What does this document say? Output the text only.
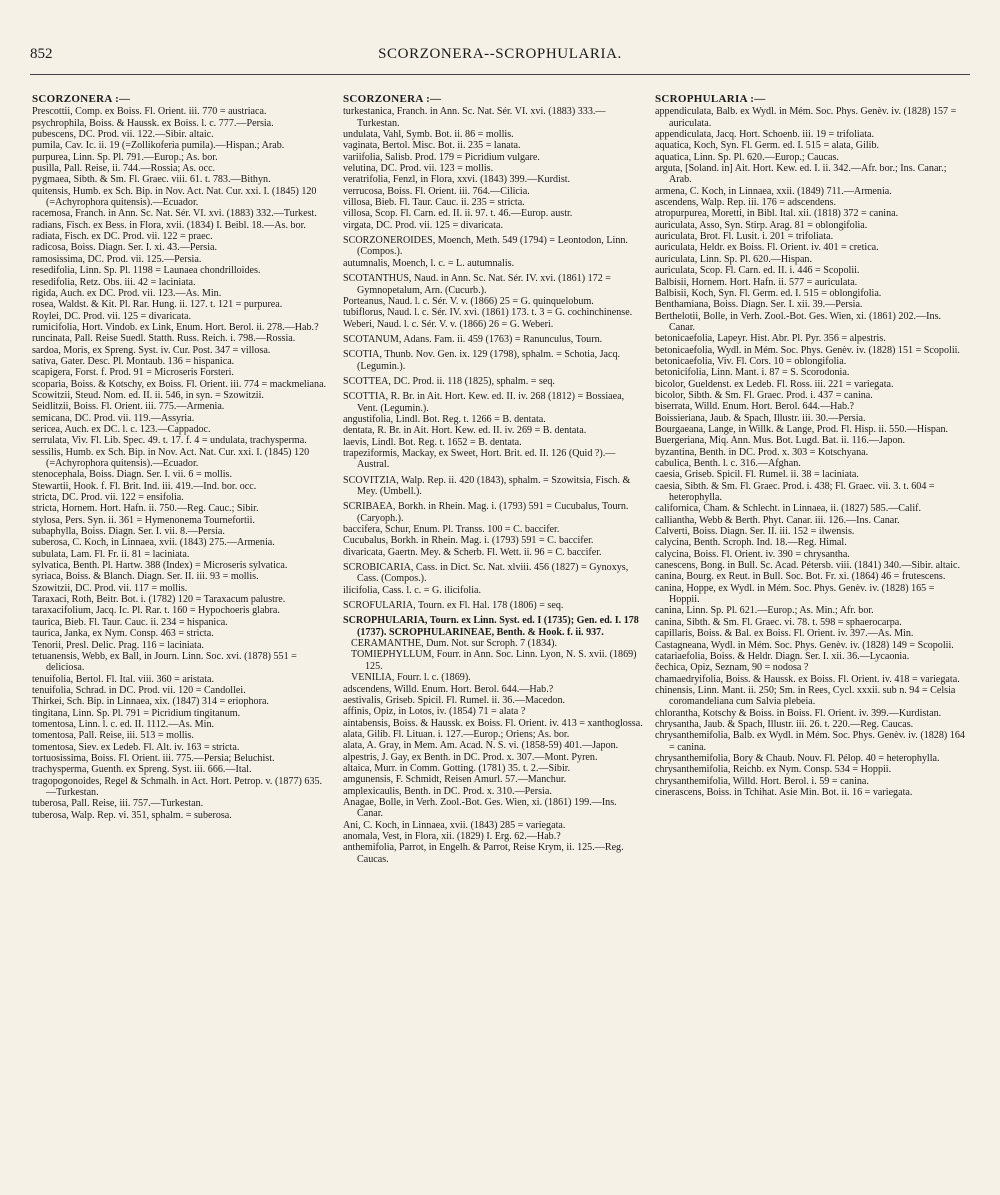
852	SCORZONERA--SCROPHULARIA.
SCORZONERA :—

Prescottii, Comp. ex Boiss. Fl. Orient. iii. 770 = austriaca.

psychrophila, Boiss. & Haussk. ex Boiss. l. c. 777.—Persia.

pubescens, DC. Prod. vii. 122.—Sibir. altaic.

pumila, Cav. Ic. ii. 19 (=Zollikoferia pumila).—Hispan.; Arab.

purpurea, Linn. Sp. Pl. 791.—Europ.; As. bor.

pusilla, Pall. Reise, ii. 744.—Rossia; As. occ.

pygmaea, Sibth. & Sm. Fl. Graec. viii. 61. t. 783.—Bithyn.

quitensis, Humb. ex Sch. Bip. in Nov. Act. Nat. Cur. xxi. I. (1845) 120 (=Achyrophora quitensis).—Ecuador.

racemosa, Franch. in Ann. Sc. Nat. Sér. VI. xvi. (1883) 332.—Turkest.

radians, Fisch. ex Bess. in Flora, xvii. (1834) I. Beibl. 18.—As. bor.

radiata, Fisch. ex DC. Prod. vii. 122 = praec.

radicosa, Boiss. Diagn. Ser. I. xi. 43.—Persia.

ramosissima, DC. Prod. vii. 125.—Persia.

resedifolia, Linn. Sp. Pl. 1198 = Launaea chondrilloides.

resedifolia, Retz. Obs. iii. 42 = laciniata.

rigida, Auch. ex DC. Prod. vii. 123.—As. Min.

rosea, Waldst. & Kit. Pl. Rar. Hung. ii. 127. t. 121 = purpurea.

Roylei, DC. Prod. vii. 125 = divaricata.

rumicifolia, Hort. Vindob. ex Link, Enum. Hort. Berol. ii. 278.—Hab.?

runcinata, Pall. Reise Suedl. Statth. Russ. Reich. i. 798.—Rossia.

sardoa, Moris, ex Spreng. Syst. iv. Cur. Post. 347 = villosa.

sativa, Gater. Desc. Pl. Montaub. 136 = hispanica.

scapigera, Forst. f. Prod. 91 = Microseris Forsteri.

scoparia, Boiss. & Kotschy, ex Boiss. Fl. Orient. iii. 774 = mackmeliana.

Scowitzii, Steud. Nom. ed. II. ii. 546, in syn. = Szowitzii.

Seidlitzii, Boiss. Fl. Orient. iii. 775.—Armenia.

semicana, DC. Prod. vii. 119.—Assyria.

sericea, Auch. ex DC. l. c. 123.—Cappadoc.

serrulata, Viv. Fl. Lib. Spec. 49. t. 17. f. 4 = undulata, trachysperma.

sessilis, Humb. ex Sch. Bip. in Nov. Act. Nat. Cur. xxi. I. (1845) 120 (=Achyrophora quitensis).—Ecuador.

stenocephala, Boiss. Diagn. Ser. I. vii. 6 = mollis.

Stewartii, Hook. f. Fl. Brit. Ind. iii. 419.—Ind. bor. occ.

stricta, DC. Prod. vii. 122 = ensifolia.

stricta, Hornem. Hort. Hafn. ii. 750.—Reg. Cauc.; Sibir.

stylosa, Pers. Syn. ii. 361 = Hymenonema Tournefortii.

subaphylla, Boiss. Diagn. Ser. I. vii. 8.—Persia.

suberosa, C. Koch, in Linnaea, xvii. (1843) 275.—Armenia.

subulata, Lam. Fl. Fr. ii. 81 = laciniata.

sylvatica, Benth. Pl. Hartw. 388 (Index) = Microseris sylvatica.

syriaca, Boiss. & Blanch. Diagn. Ser. II. iii. 93 = mollis.

Szowitzii, DC. Prod. vii. 117 = mollis.

Taraxaci, Roth, Beitr. Bot. i. (1782) 120 = Taraxacum palustre.

taraxacifolium, Jacq. Ic. Pl. Rar. t. 160 = Hypochoeris glabra.

taurica, Bieb. Fl. Taur. Cauc. ii. 234 = hispanica.

taurica, Janka, ex Nym. Consp. 463 = stricta.

Tenorii, Presl. Delic. Prag. 116 = laciniata.

tetuanensis, Webb, ex Ball, in Journ. Linn. Soc. xvi. (1878) 551 = deliciosa.

tenuifolia, Bertol. Fl. Ital. viii. 360 = aristata.

tenuifolia, Schrad. in DC. Prod. vii. 120 = Candollei.

Thirkei, Sch. Bip. in Linnaea, xix. (1847) 314 = eriophora.

tingitana, Linn. Sp. Pl. 791 = Picridium tingitanum.

tomentosa, Linn. l. c. ed. II. 1112.—As. Min.

tomentosa, Pall. Reise, iii. 513 = mollis.

tomentosa, Siev. ex Ledeb. Fl. Alt. iv. 163 = stricta.

tortuosissima, Boiss. Fl. Orient. iii. 775.—Persia; Beluchist.

trachysperma, Guenth. ex Spreng. Syst. iii. 666.—Ital.

tragopogonoides, Regel & Schmalh. in Act. Hort. Petrop. v. (1877) 635.—Turkestan.

tuberosa, Pall. Reise, iii. 757.—Turkestan.

tuberosa, Walp. Rep. vi. 351, sphalm. = suberosa.

SCORZONERA :—

turkestanica, Franch. in Ann. Sc. Nat. Sér. VI. xvi. (1883) 333.—Turkestan.

undulata, Vahl, Symb. Bot. ii. 86 = mollis.

vaginata, Bertol. Misc. Bot. ii. 235 = lanata.

variifolia, Salisb. Prod. 179 = Picridium vulgare.

velutina, DC. Prod. vii. 123 = mollis.

veratrifolia, Fenzl, in Flora, xxvi. (1843) 399.—Kurdist.

verrucosa, Boiss. Fl. Orient. iii. 764.—Cilicia.

villosa, Bieb. Fl. Taur. Cauc. ii. 235 = stricta.

villosa, Scop. Fl. Carn. ed. II. ii. 97. t. 46.—Europ. austr.

virgata, DC. Prod. vii. 125 = divaricata.

SCORZONEROIDES, Moench, Meth. 549 (1794) = Leontodon, Linn. (Compos.).

autumnalis, Moench, l. c. = L. autumnalis.

SCOTANTHUS, Naud. in Ann. Sc. Nat. Sér. IV. xvi. (1861) 172 = Gymnopetalum, Arn. (Cucurb.).

Porteanus, Naud. l. c. Sér. V. v. (1866) 25 = G. quinquelobum.

tubiflorus, Naud. l. c. Sér. IV. xvi. (1861) 173. t. 3 = G. cochinchinense.

Weberi, Naud. l. c. Sér. V. v. (1866) 26 = G. Weberi.

SCOTANUM, Adans. Fam. ii. 459 (1763) = Ranunculus, Tourn.

SCOTIA, Thunb. Nov. Gen. ix. 129 (1798), sphalm. = Schotia, Jacq. (Legumin.).

SCOTTEA, DC. Prod. ii. 118 (1825), sphalm. = seq.

SCOTTIA, R. Br. in Ait. Hort. Kew. ed. II. iv. 268 (1812) = Bossiaea, Vent. (Legumin.).

angustifolia, Lindl. Bot. Reg. t. 1266 = B. dentata.

dentata, R. Br. in Ait. Hort. Kew. ed. II. iv. 269 = B. dentata.

laevis, Lindl. Bot. Reg. t. 1652 = B. dentata.

trapeziformis, Mackay, ex Sweet, Hort. Brit. ed. II. 126 (Quid ?).—Austral.

SCOVITZIA, Walp. Rep. ii. 420 (1843), sphalm. = Szowitsia, Fisch. & Mey. (Umbell.).

SCRIBAEA, Borkh. in Rhein. Mag. i. (1793) 591 = Cucubalus, Tourn. (Caryoph.).

baccifera, Schur, Enum. Pl. Transs. 100 = C. baccifer.

Cucubalus, Borkh. in Rhein. Mag. i. (1793) 591 = C. baccifer.

divaricata, Gaertn. Mey. & Scherb. Fl. Wett. ii. 96 = C. baccifer.

SCROBICARIA, Cass. in Dict. Sc. Nat. xlviii. 456 (1827) = Gynoxys, Cass. (Compos.).

ilicifolia, Cass. l. c. = G. ilicifolia.

SCROFULARIA, Tourn. ex Fl. Hal. 178 (1806) = seq.

SCROPHULARIA, Tourn. ex Linn. Syst. ed. I (1735); Gen. ed. I. 178 (1737). SCROPHULARINEAE, Benth. & Hook. f. ii. 937.

CERAMANTHE, Dum. Not. sur Scroph. 7 (1834).

TOMIEPHYLLUM, Fourr. in Ann. Soc. Linn. Lyon, N. S. xvii. (1869) 125.

VENILIA, Fourr. l. c. (1869).

adscendens, Willd. Enum. Hort. Berol. 644.—Hab.?

aestivalis, Griseb. Spicil. Fl. Rumel. ii. 36.—Macedon.

affinis, Opiz, in Lotos, iv. (1854) 71 = alata ?

aintabensis, Boiss. & Haussk. ex Boiss. Fl. Orient. iv. 413 = xanthoglossa.

alata, Gilib. Fl. Lituan. i. 127.—Europ.; Oriens; As. bor.

alata, A. Gray, in Mem. Am. Acad. N. S. vi. (1858-59) 401.—Japon.

alpestris, J. Gay, ex Benth. in DC. Prod. x. 307.—Mont. Pyren.

altaica, Murr. in Comm. Gotting. (1781) 35. t. 2.—Sibir.

amgunensis, F. Schmidt, Reisen Amurl. 57.—Manchur.

amplexicaulis, Benth. in DC. Prod. x. 310.—Persia.

Anagae, Bolle, in Verh. Zool.-Bot. Ges. Wien, xi. (1861) 199.—Ins. Canar.

Ani, C. Koch, in Linnaea, xvii. (1843) 285 = variegata.

anomala, Vest, in Flora, xii. (1829) I. Erg. 62.—Hab.?

anthemifolia, Parrot, in Engelh. & Parrot, Reise Krym, ii. 125.—Reg. Caucas.

SCROPHULARIA :—

appendiculata, Balb. ex Wydl. in Mém. Soc. Phys. Genèv. iv. (1828) 157 = auriculata.

appendiculata, Jacq. Hort. Schoenb. iii. 19 = trifoliata.

aquatica, Koch, Syn. Fl. Germ. ed. I. 515 = alata, Gilib.

aquatica, Linn. Sp. Pl. 620.—Europ.; Caucas.

arguta, [Soland. in] Ait. Hort. Kew. ed. I. ii. 342.—Afr. bor.; Ins. Canar.; Arab.

armena, C. Koch, in Linnaea, xxii. (1849) 711.—Armenia.

ascendens, Walp. Rep. iii. 176 = adscendens.

atropurpurea, Moretti, in Bibl. Ital. xii. (1818) 372 = canina.

auriculata, Asso, Syn. Stirp. Arag. 81 = oblongifolia.

auriculata, Brot. Fl. Lusit. i. 201 = trifoliata.

auriculata, Heldr. ex Boiss. Fl. Orient. iv. 401 = cretica.

auriculata, Linn. Sp. Pl. 620.—Hispan.

auriculata, Scop. Fl. Carn. ed. II. i. 446 = Scopolii.

Balbisii, Hornem. Hort. Hafn. ii. 577 = auriculata.

Balbisii, Koch, Syn. Fl. Germ. ed. I. 515 = oblongifolia.

Benthamiana, Boiss. Diagn. Ser. I. xii. 39.—Persia.

Berthelotii, Bolle, in Verh. Zool.-Bot. Ges. Wien, xi. (1861) 202.—Ins. Canar.

betonicaefolia, Lapeyr. Hist. Abr. Pl. Pyr. 356 = alpestris.

betonicaefolia, Wydl. in Mém. Soc. Phys. Genèv. iv. (1828) 151 = Scopolii.

betonicaefolia, Viv. Fl. Cors. 10 = oblongifolia.

betonicifolia, Linn. Mant. i. 87 = S. Scorodonia.

bicolor, Gueldenst. ex Ledeb. Fl. Ross. iii. 221 = variegata.

bicolor, Sibth. & Sm. Fl. Graec. Prod. i. 437 = canina.

biserrata, Willd. Enum. Hort. Berol. 644.—Hab.?

Boissieriana, Jaub. & Spach, Illustr. iii. 30.—Persia.

Bourgaeana, Lange, in Willk. & Lange, Prod. Fl. Hisp. ii. 550.—Hispan.

Buergeriana, Miq. Ann. Mus. Bot. Lugd. Bat. ii. 116.—Japon.

byzantina, Benth. in DC. Prod. x. 303 = Kotschyana.

cabulica, Benth. l. c. 316.—Afghan.

caesia, Griseb. Spicil. Fl. Rumel. ii. 38 = laciniata.

caesia, Sibth. & Sm. Fl. Graec. Prod. i. 438; Fl. Graec. vii. 3. t. 604 = heterophylla.

californica, Cham. & Schlecht. in Linnaea, ii. (1827) 585.—Calif.

calliantha, Webb & Berth. Phyt. Canar. iii. 126.—Ins. Canar.

Calverti, Boiss. Diagn. Ser. II. iii. 152 = ilwensis.

calycina, Benth. Scroph. Ind. 18.—Reg. Himal.

calycina, Boiss. Fl. Orient. iv. 390 = chrysantha.

canescens, Bong. in Bull. Sc. Acad. Pétersb. viii. (1841) 340.—Sibir. altaic.

canina, Bourg. ex Reut. in Bull. Soc. Bot. Fr. xi. (1864) 46 = frutescens.

canina, Hoppe, ex Wydl. in Mém. Soc. Phys. Genèv. iv. (1828) 165 = Hoppii.

canina, Linn. Sp. Pl. 621.—Europ.; As. Min.; Afr. bor.

canina, Sibth. & Sm. Fl. Graec. vi. 78. t. 598 = sphaerocarpa.

capillaris, Boiss. & Bal. ex Boiss. Fl. Orient. iv. 397.—As. Min.

Castagneana, Wydl. in Mém. Soc. Phys. Genèv. iv. (1828) 149 = Scopolii.

catariaefolia, Boiss. & Heldr. Diagn. Ser. I. xii. 36.—Lycaonia.

čechica, Opiz, Seznam, 90 = nodosa ?

chamaedryifolia, Boiss. & Haussk. ex Boiss. Fl. Orient. iv. 418 = variegata.

chinensis, Linn. Mant. ii. 250; Sm. in Rees, Cycl. xxxii. sub n. 94 = Celsia coromandeliana cum Salvia plebeia.

chlorantha, Kotschy & Boiss. in Boiss. Fl. Orient. iv. 399.—Kurdistan.

chrysantha, Jaub. & Spach, Illustr. iii. 26. t. 220.—Reg. Caucas.

chrysanthemifolia, Balb. ex Wydl. in Mém. Soc. Phys. Genèv. iv. (1828) 164 = canina.

chrysanthemifolia, Bory & Chaub. Nouv. Fl. Pélop. 40 = heterophylla.

chrysanthemifolia, Reichb. ex Nym. Consp. 534 = Hoppii.

chrysanthemifolia, Willd. Hort. Berol. i. 59 = canina.

cinerascens, Boiss. in Tchihat. Asie Min. Bot. ii. 16 = variegata.
